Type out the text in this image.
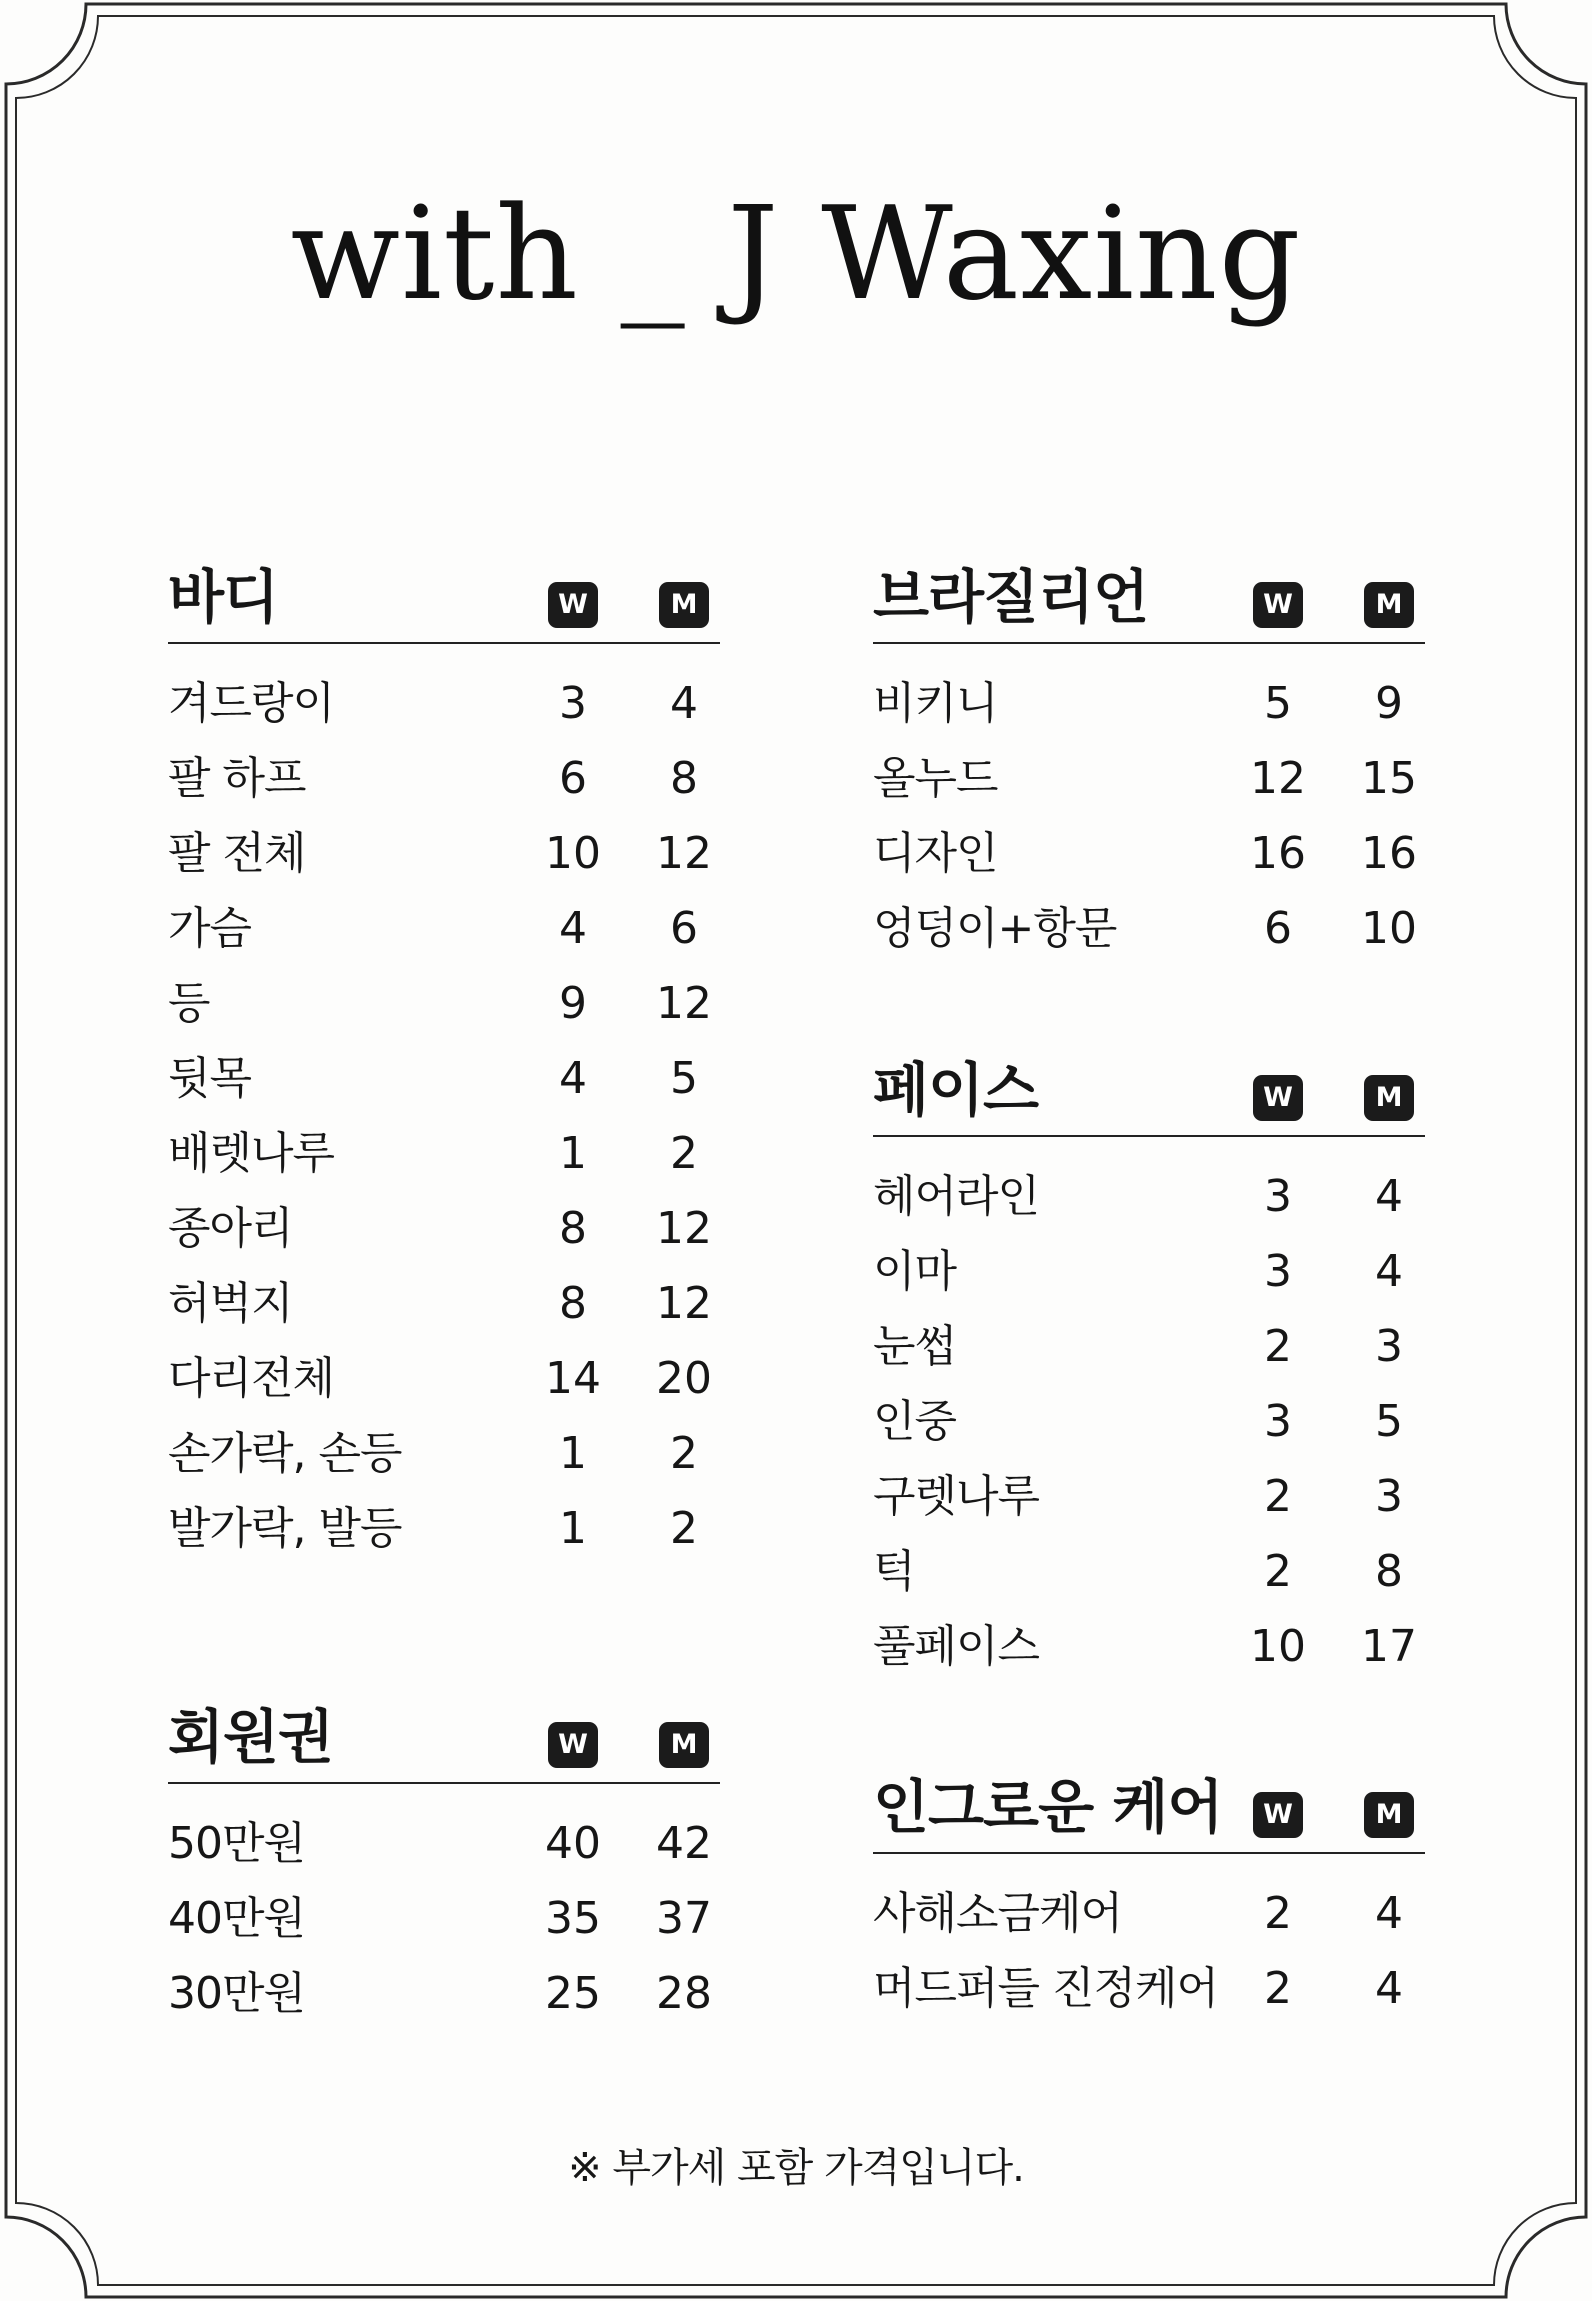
with _ J Waxing
바디	W	M
겨드랑이	3	4
팔 하프	6	8
팔 전체	10	12
가슴	4	6
등	9	12
뒷목	4	5
배렛나루	1	2
종아리	8	12
허벅지	8	12
다리전체	14	20
손가락, 손등	1	2
발가락, 발등	1	2
회원권	W	M
50만원	40	42
40만원	35	37
30만원	25	28
브라질리언	W	M
비키니	5	9
올누드	12	15
디자인	16	16
엉덩이+항문	6	10
페이스	W	M
헤어라인	3	4
이마	3	4
눈썹	2	3
인중	3	5
구렛나루	2	3
턱	2	8
풀페이스	10	17
인그로운 케어	W	M
사해소금케어	2	4
머드퍼들 진정케어	2	4
※ 부가세 포함 가격입니다.
